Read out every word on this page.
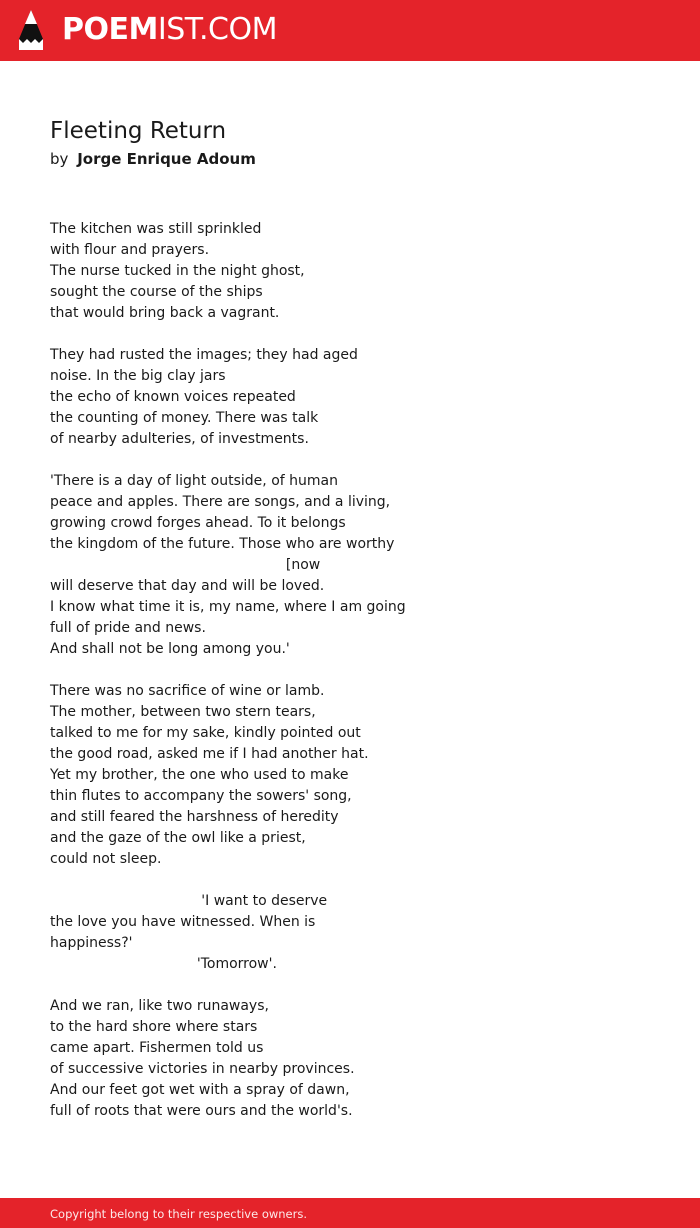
POEMIST.COM
Fleeting Return
by Jorge Enrique Adoum
The kitchen was still sprinkled
with flour and prayers.
The nurse tucked in the night ghost,
sought the course of the ships
that would bring back a vagrant.
They had rusted the images; they had aged
noise. In the big clay jars
the echo of known voices repeated
the counting of money. There was talk
of nearby adulteries, of investments.
'There is a day of light outside, of human
peace and apples. There are songs, and a living,
growing crowd forges ahead. To it belongs
the kingdom of the future. Those who are worthy
[now
will deserve that day and will be loved.
I know what time it is, my name, where I am going
full of pride and news.
And shall not be long among you.'
There was no sacrifice of wine or lamb.
The mother, between two stern tears,
talked to me for my sake, kindly pointed out
the good road, asked me if I had another hat.
Yet my brother, the one who used to make
thin flutes to accompany the sowers' song,
and still feared the harshness of heredity
and the gaze of the owl like a priest,
could not sleep.
'I want to deserve
the love you have witnessed. When is
happiness?'
'Tomorrow'.
And we ran, like two runaways,
to the hard shore where stars
came apart. Fishermen told us
of successive victories in nearby provinces.
And our feet got wet with a spray of dawn,
full of roots that were ours and the world's.
Copyright belong to their respective owners.
